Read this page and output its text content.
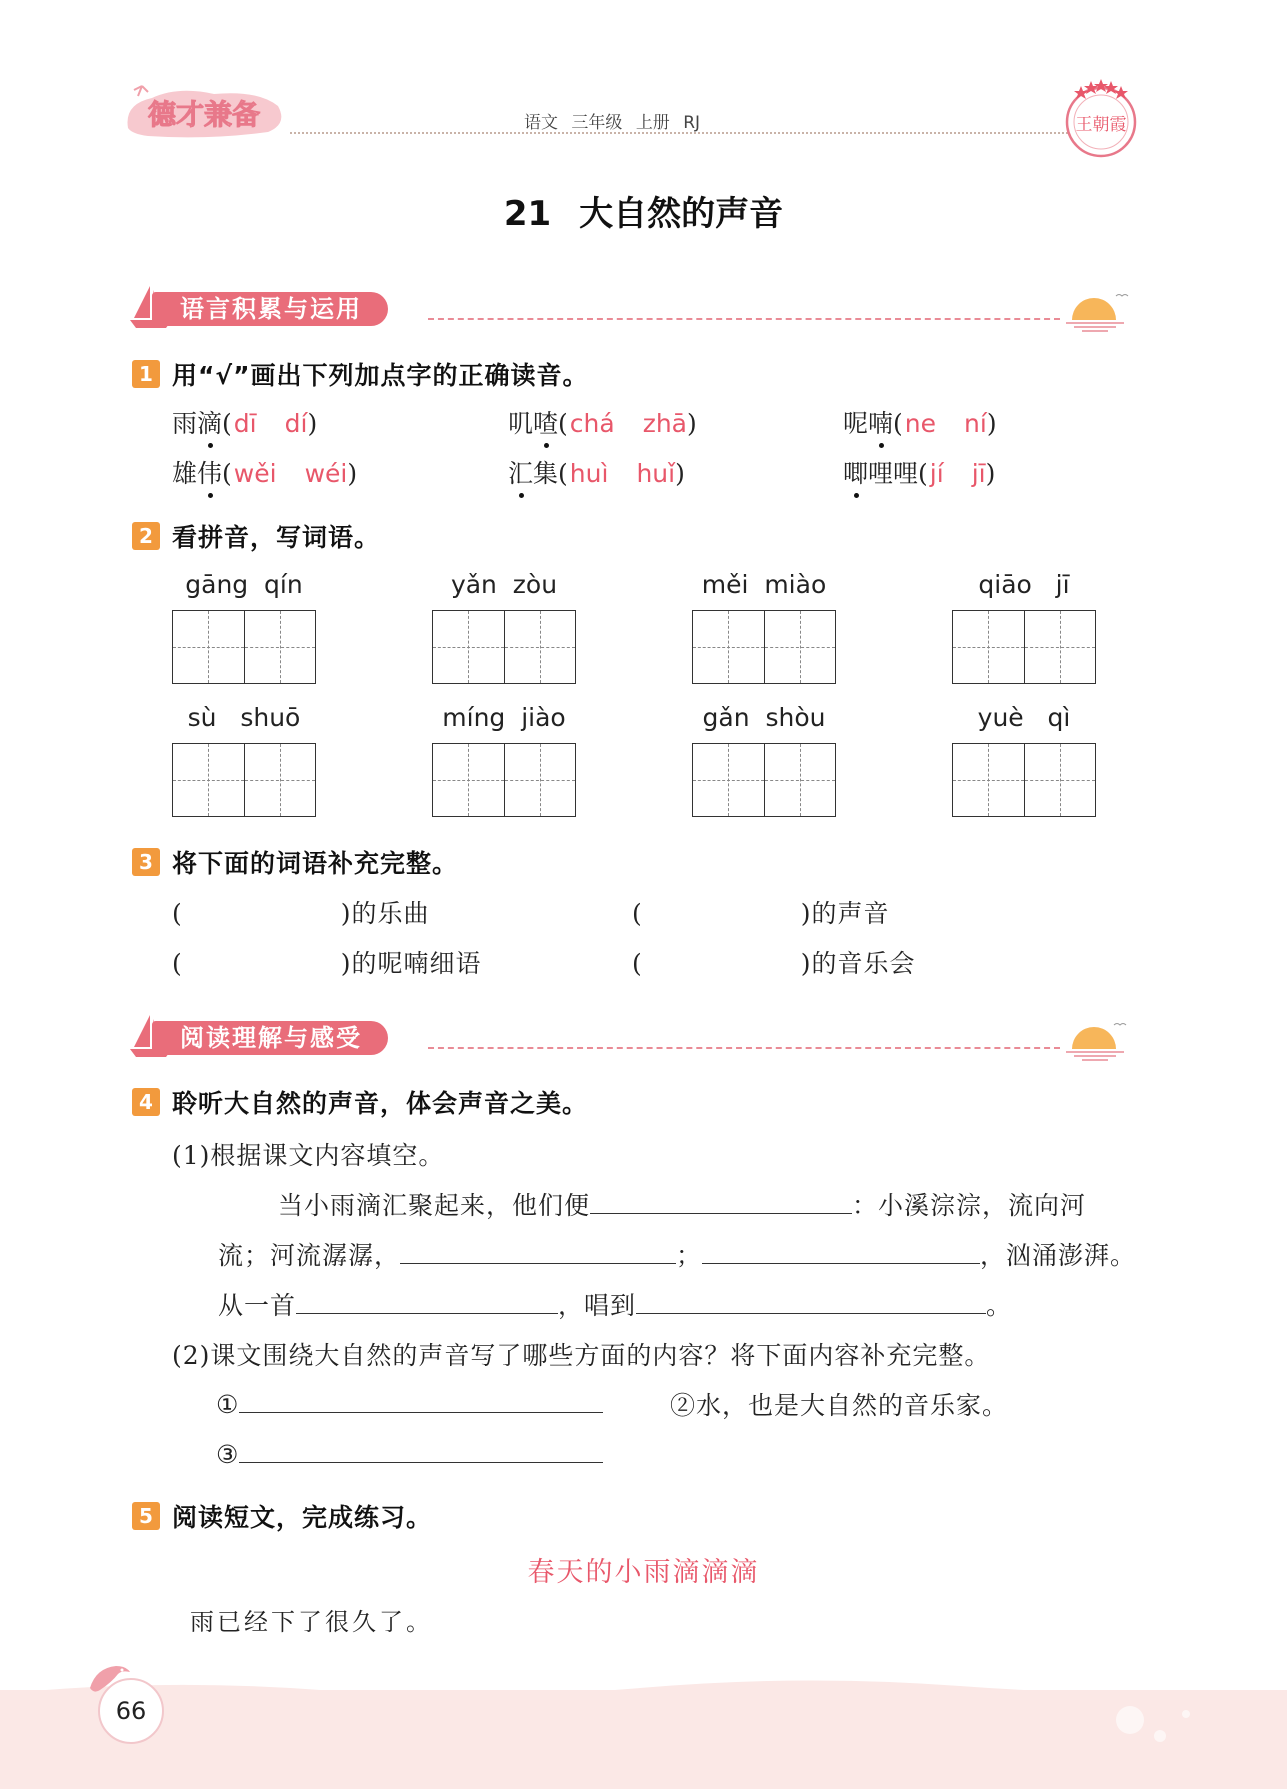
德才兼备	语文 三年级 上册 RJ	王朝霞
21 大自然的声音
语言积累与运用
1 用“√”画出下列加点字的正确读音。
雨滴(dī dí)	叽喳(chá zhā)	呢喃(ne ní)
雄伟(wěi wéi)	汇集(huì huǐ)	唧哩哩(jí jī)
2 看拼音，写词语。
gāng  qín	yǎn  zòu	měi  miào	qiāo   jī
sù   shuō	míng  jiào	gǎn  shòu	yuè   qì
3 将下面的词语补充完整。
(	)的乐曲	(	)的声音
(	)的呢喃细语	(	)的音乐会
阅读理解与感受
4 聆听大自然的声音，体会声音之美。
(1)根据课文内容填空。
当小雨滴汇聚起来，他们便	：小溪淙淙，流向河
流；河流潺潺，	；	，汹涌澎湃。
从一首	，唱到	。
(2)课文围绕大自然的声音写了哪些方面的内容？将下面内容补充完整。
①	②水，也是大自然的音乐家。
③
5 阅读短文，完成练习。
春天的小雨滴滴滴
雨已经下了很久了。
66
